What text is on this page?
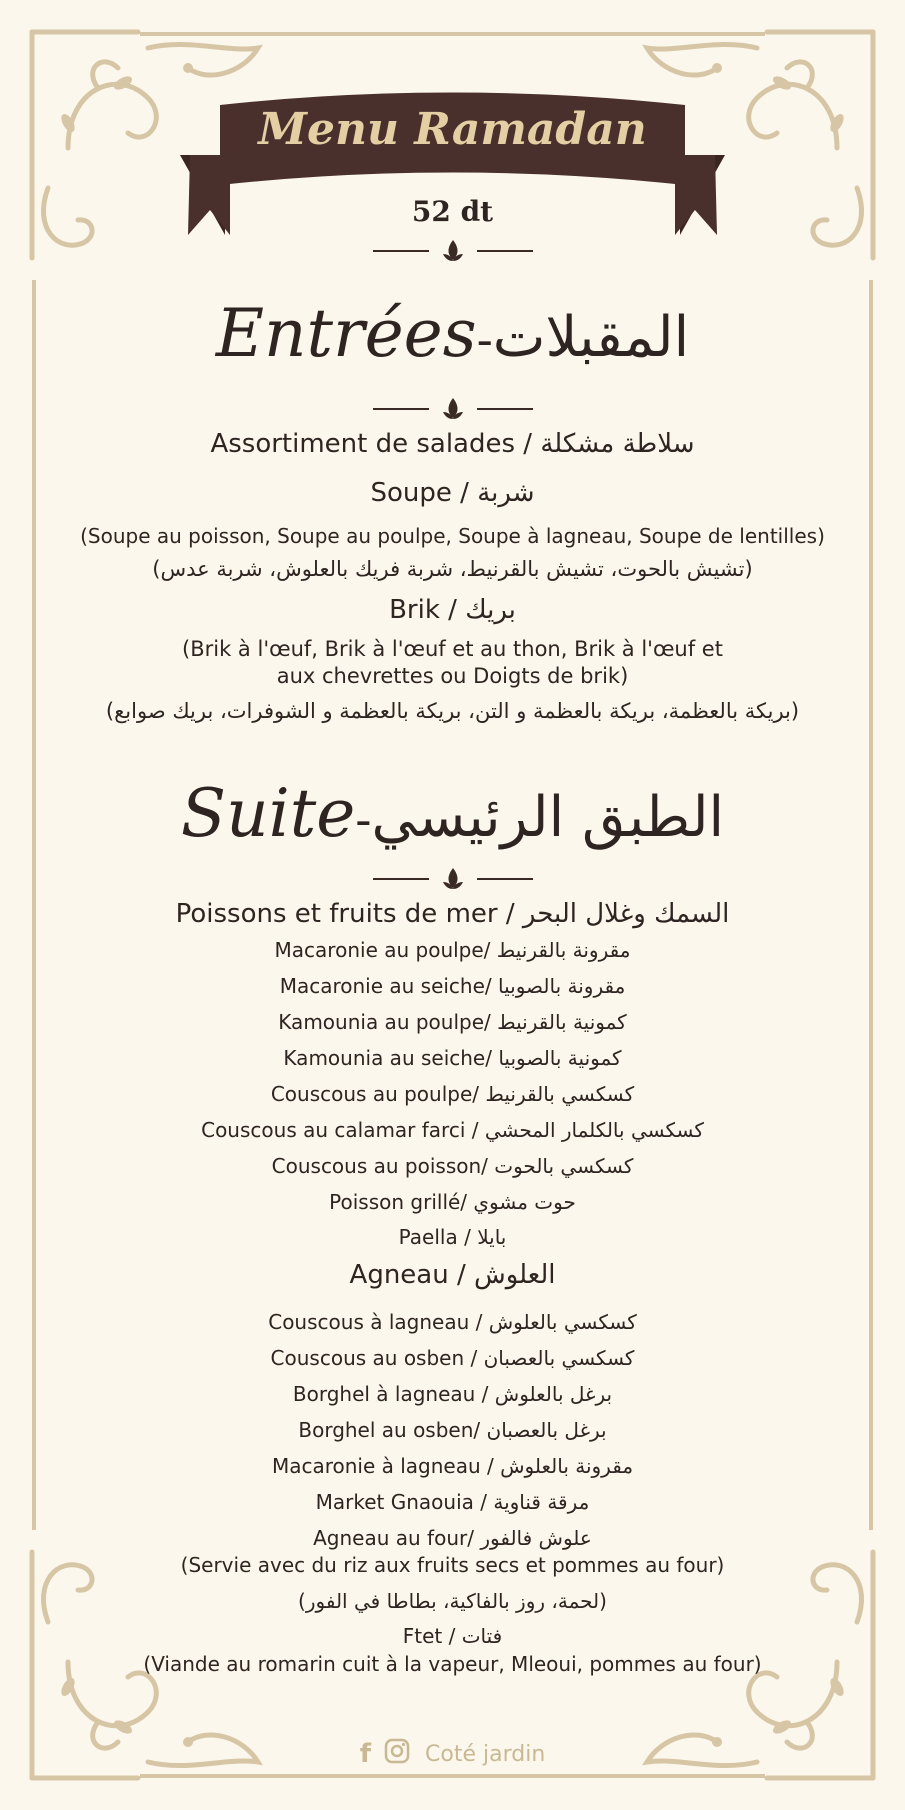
Menu Ramadan
52 dt
Entrées-المقبلات
Assortiment de salades / سلاطة مشكلة
Soupe / شربة
(Soupe au poisson, Soupe au poulpe, Soupe à lagneau, Soupe de lentilles)
(تشيش بالحوت، تشيش بالقرنيط، شربة فريك بالعلوش، شربة عدس)
Brik / بريك
(Brik à l'œuf, Brik à l'œuf et au thon, Brik à l'œuf et
aux chevrettes ou Doigts de brik)
(بريكة بالعظمة، بريكة بالعظمة و التن، بريكة بالعظمة و الشوفرات، بريك صوابع)
Suite-الطبق الرئيسي
Poissons et fruits de mer / السمك وغلال البحر
Macaronie au poulpe/ مقرونة بالقرنيط
Macaronie au seiche/ مقرونة بالصوبيا
Kamounia au poulpe/ كمونية بالقرنيط
Kamounia au seiche/ كمونية بالصوبيا
Couscous au poulpe/ كسكسي بالقرنيط
Couscous au calamar farci / كسكسي بالكلمار المحشي
Couscous au poisson/ كسكسي بالحوت
Poisson grillé/ حوت مشوي
Paella / بايلا
Agneau / العلوش
Couscous à lagneau / كسكسي بالعلوش
Couscous au osben / كسكسي بالعصبان
Borghel à lagneau / برغل بالعلوش
Borghel au osben/ برغل بالعصبان
Macaronie à lagneau / مقرونة بالعلوش
Market Gnaouia / مرقة قناوية
Agneau au four/ علوش فالفور
(Servie avec du riz aux fruits secs et pommes au four)
(لحمة، روز بالفاكية، بطاطا في الفور)
Ftet / فتات
(Viande au romarin cuit à la vapeur, Mleoui, pommes au four)
f Coté jardin
